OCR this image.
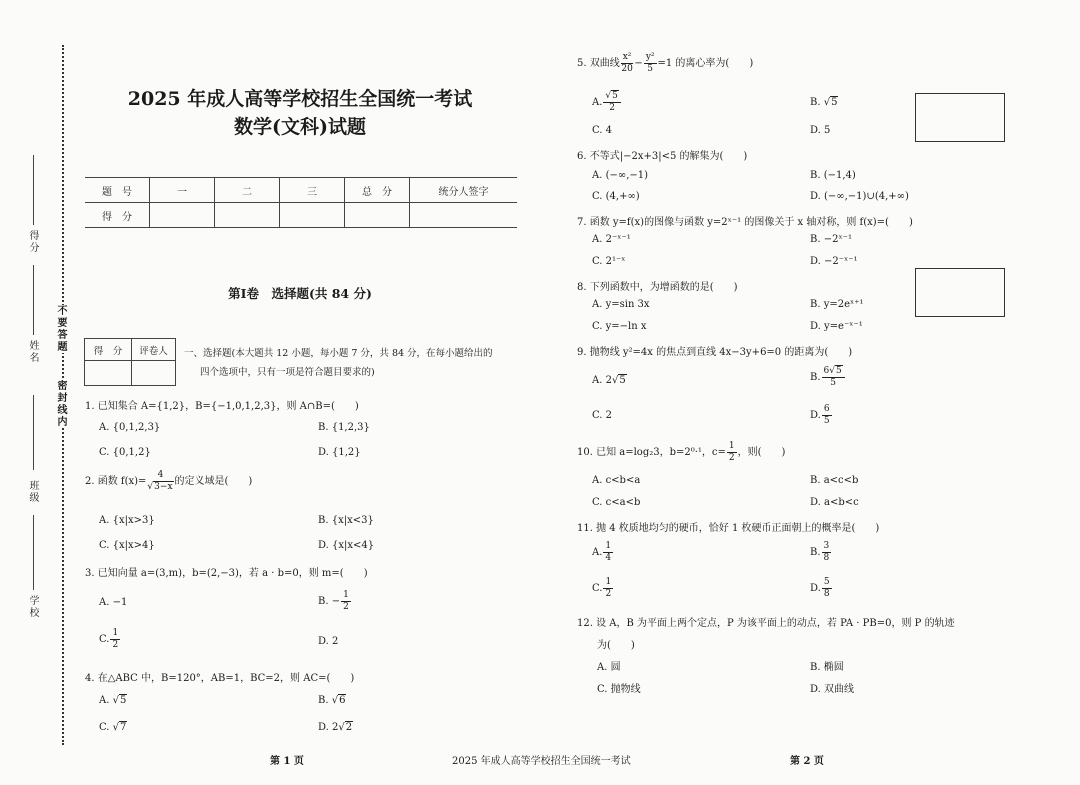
得分
姓名 不要答题
密封线内
班级
学校
2025 年成人高等学校招生全国统一考试
数学(文科)试题
题　号	一	二	三	总　分	统分人签字
得　分					
第Ⅰ卷　选择题(共 84 分)
得　分	评卷人
	一、选择题(本大题共 12 小题，每小题 7 分，共 84 分，在每小题给出的
四个选项中，只有一项是符合题目要求的)
1. 已知集合 A={1,2}，B={−1,0,1,2,3}，则 A∩B=(　　)
A. {0,1,2,3}	B. {1,2,3}
C. {0,1,2}	D. {1,2}
2. 函数 $f(x)= \frac{4}{√3-x}$ 的定义域是(　　)
A. {x|x>3}	B. {x|x<3}
C. {x|x>4}	D. {x|x<4}
3. 已知向量 a=(3,m)，b=(2,−3)，若 a · b=0，则 m=(　　)
A. −1	B. − $\frac{1}{2}$
C. $\frac{1}{2}$	D. 2
4. 在△ABC 中，B=120°，AB=1，BC=2，则 AC=(　　)
A. √5	B. √6
C. √7	D. 2√2
5. 双曲线 $\frac{\text{x²}}{20} - \frac{\text{y²}}{5} =1$ 的离心率为(　　)
A. $\frac{√5}{2}$	B. √5
C. 4	D. 5
6. 不等式|−2x+3|<5 的解集为(　　)
A. (−∞,−1)	B. (−1,4)
C. (4,+∞)	D. (−∞,−1)∪(4,+∞)
7. 函数 y=f(x)的图像与函数 y=2ˣ⁻¹ 的图像关于 x 轴对称，则 f(x)=(　　)
A. 2⁻ˣ⁻¹	B. −2ˣ⁻¹
C. 2¹⁻ˣ	D. −2⁻ˣ⁻¹
8. 下列函数中，为增函数的是(　　)
A. y=sin 3x	B. y=2eˣ⁺¹
C. y=−ln x	D. y=e⁻ˣ⁻¹
9. 抛物线 y²=4x 的焦点到直线 4x−3y+6=0 的距离为(　　)
A. 2√5	B. $\frac{6√5}{5}$
C. 2	D. $\frac{6}{5}$
10. 已知 a=log₂3，b=2⁰·¹，$c= \frac{1}{2}$ ，则(　　)
A. c<b<a	B. a<c<b
C. c<a<b	D. a<b<c
11. 抛 4 枚质地均匀的硬币，恰好 1 枚硬币正面朝上的概率是(　　)
A. $\frac{1}{4}$	B. $\frac{3}{8}$
C. $\frac{1}{2}$	D. $\frac{5}{8}$
12. 设 A，B 为平面上两个定点，P 为该平面上的动点，若 PA · PB=0，则 P 的轨迹
为(　　)
A. 圆	B. 椭圆
C. 抛物线	D. 双曲线
第 1 页	2025 年成人高等学校招生全国统一考试	第 2 页
